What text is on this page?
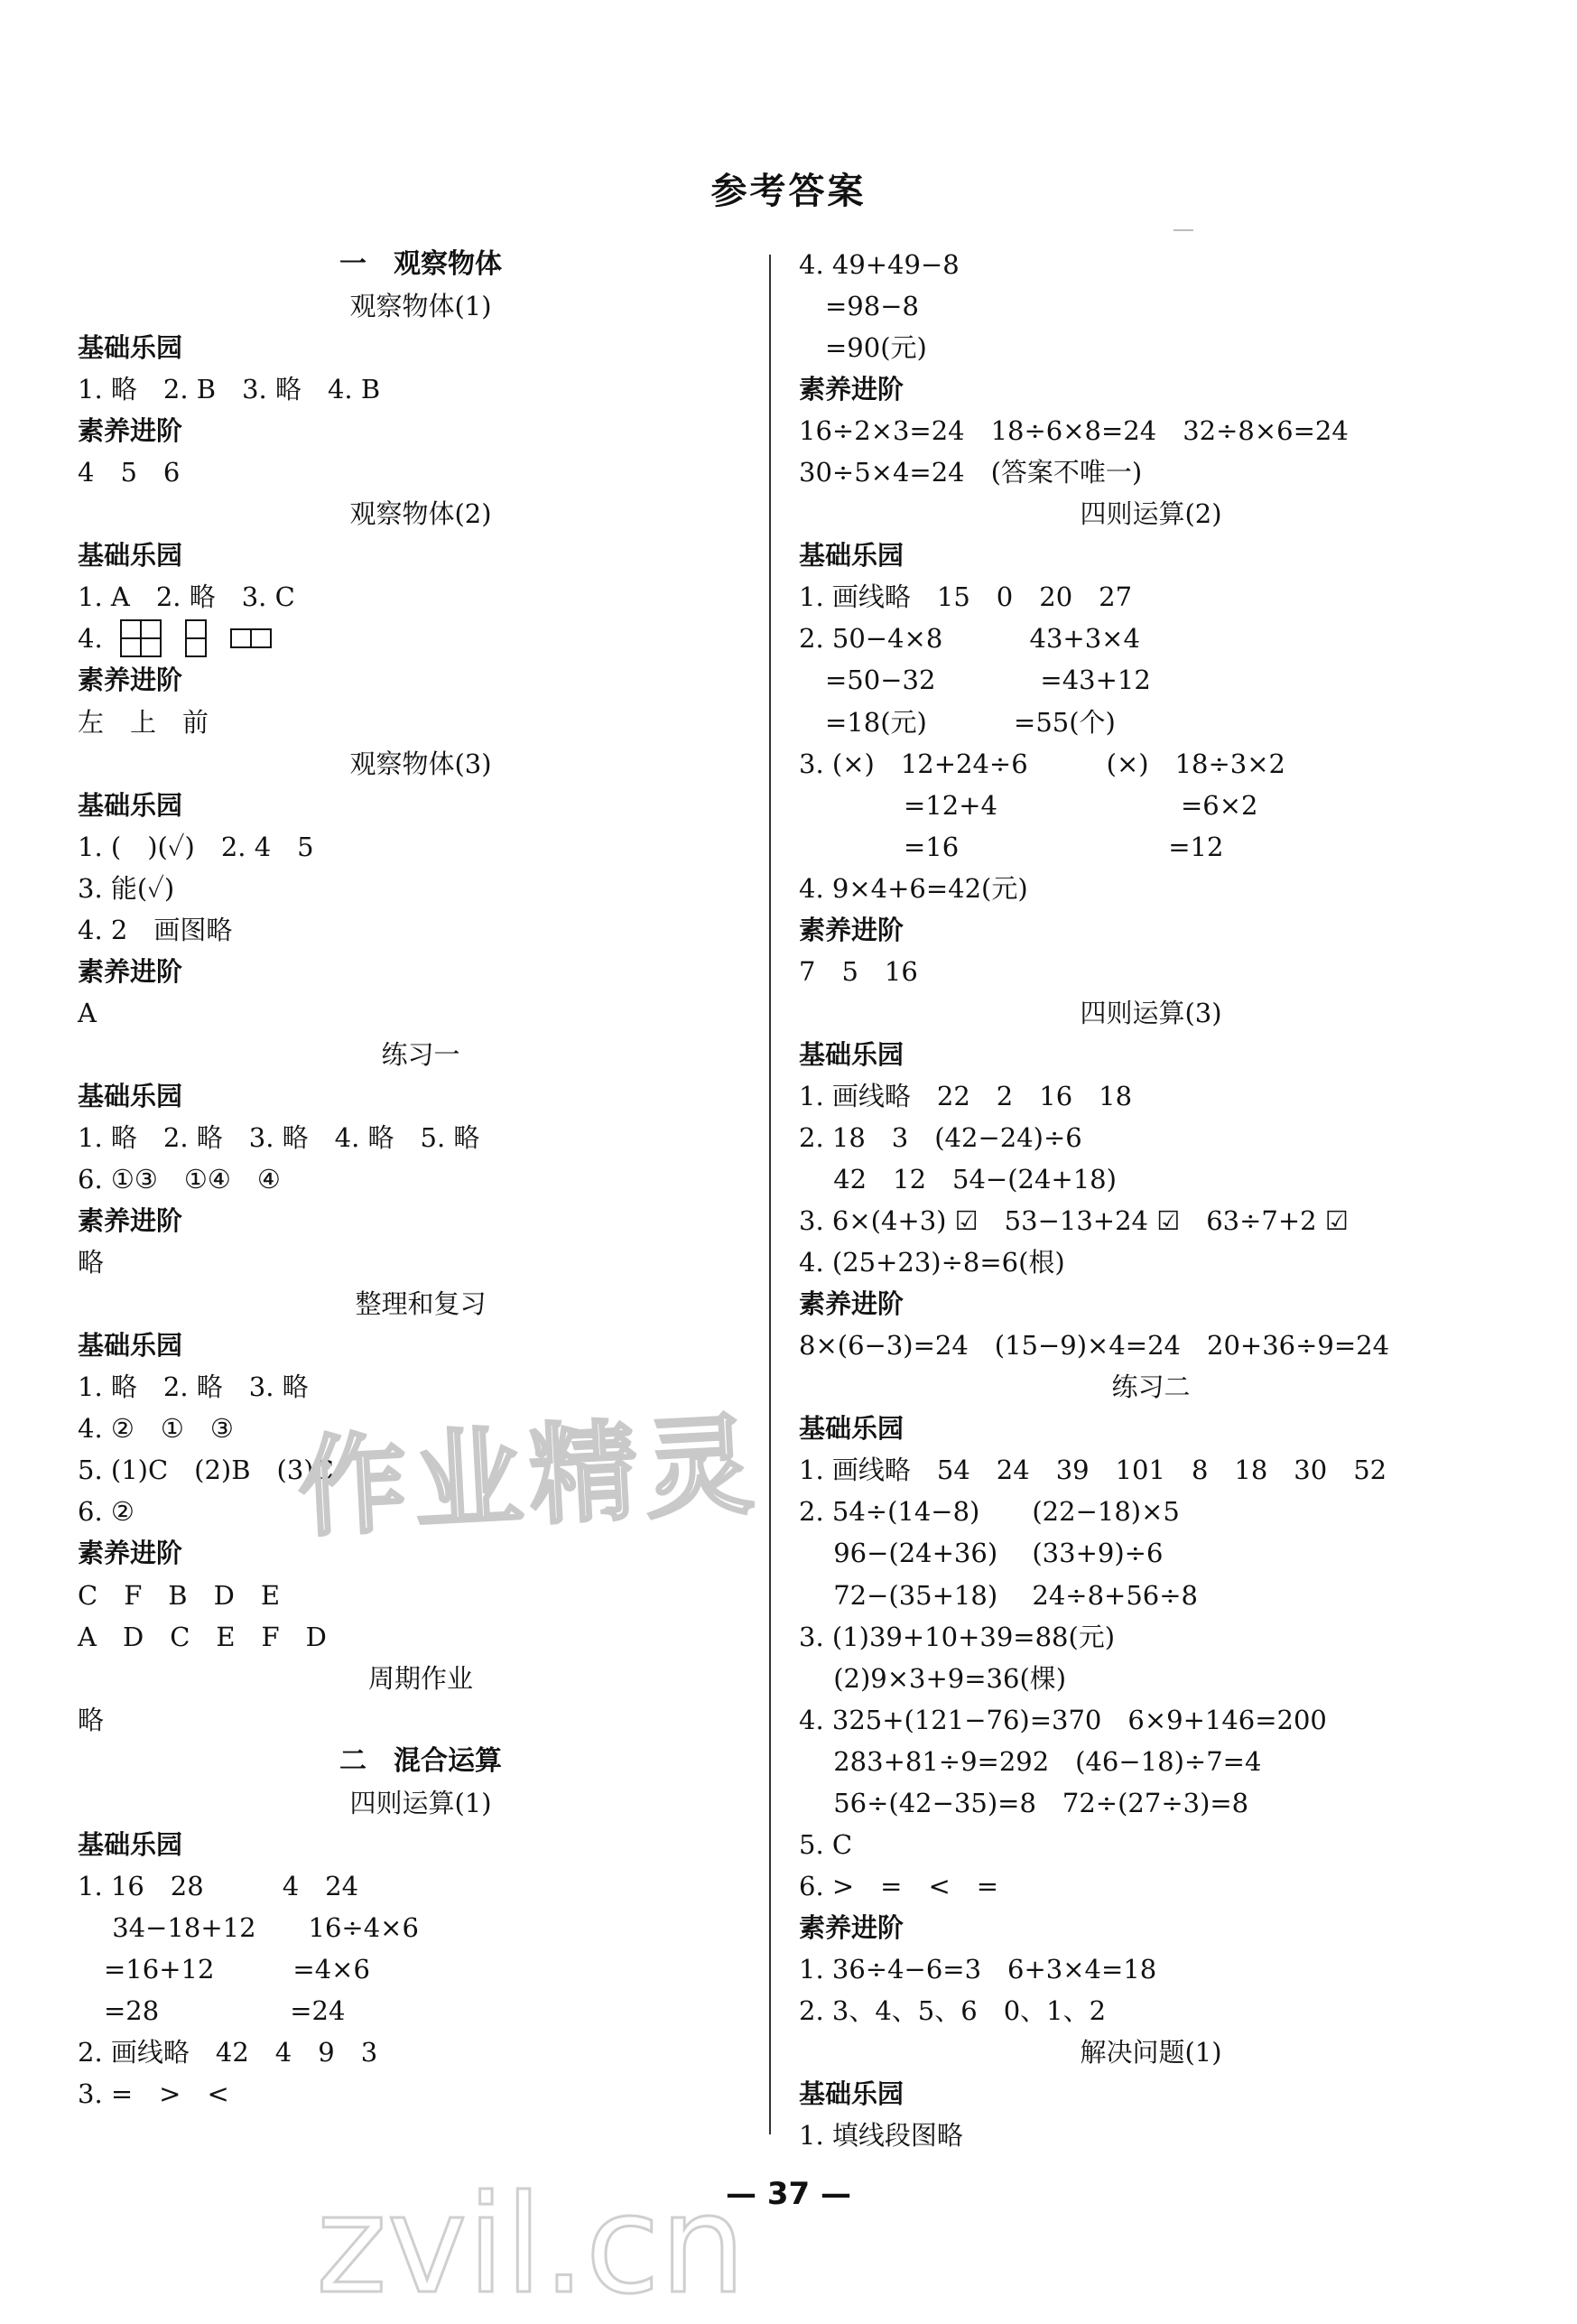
参考答案
一　观察物体
观察物体(1)
基础乐园
1. 略　2. B　3. 略　4. B
素养进阶
4　5　6
观察物体(2)
基础乐园
1. A　2. 略　3. C
4.
素养进阶
左　上　前
观察物体(3)
基础乐园
1. (　)(✓)　2. 4　5
3. 能(✓)
4. 2　画图略
素养进阶
A
练习一
基础乐园
1. 略　2. 略　3. 略　4. 略　5. 略
6. ①③　①④　④
素养进阶
略
整理和复习
基础乐园
1. 略　2. 略　3. 略
4. ②　①　③
5. (1)C　(2)B　(3)C
6. ②
素养进阶
C　F　B　D　E
A　D　C　E　F　D
周期作业
略
二　混合运算
四则运算(1)
基础乐园
1. 16　28　　　4　24
　 34−18+12　　16÷4×6
　=16+12　　　=4×6
　=28　　　　　=24
2. 画线略　42　4　9　3
3. =　>　<
4. 49+49−8
　=98−8
　=90(元)
素养进阶
16÷2×3=24　18÷6×8=24　32÷8×6=24
30÷5×4=24　(答案不唯一)
四则运算(2)
基础乐园
1. 画线略　15　0　20　27
2. 50−4×8　　　 43+3×4
　=50−32　　　　=43+12
　=18(元)　　　 =55(个)
3. (×)　12+24÷6　　　(×)　18÷3×2
　　　　=12+4　　　　　　　=6×2
　　　　=16　　　　　　　　=12
4. 9×4+6=42(元)
素养进阶
7　5　16
四则运算(3)
基础乐园
1. 画线略　22　2　16　18
2. 18　3　(42−24)÷6
　 42　12　54−(24+18)
3. 6×(4+3) ☑　53−13+24 ☑　63÷7+2 ☑
4. (25+23)÷8=6(根)
素养进阶
8×(6−3)=24　(15−9)×4=24　20+36÷9=24
练习二
基础乐园
1. 画线略　54　24　39　101　8　18　30　52
2. 54÷(14−8)　　(22−18)×5
　 96−(24+36)　 (33+9)÷6
　 72−(35+18)　 24÷8+56÷8
3. (1)39+10+39=88(元)
　 (2)9×3+9=36(棵)
4. 325+(121−76)=370　6×9+146=200
　 283+81÷9=292　(46−18)÷7=4
　 56÷(42−35)=8　72÷(27÷3)=8
5. C
6. >　=　<　=
素养进阶
1. 36÷4−6=3　6+3×4=18
2. 3、4、5、6　0、1、2
解决问题(1)
基础乐园
1. 填线段图略
作业精灵
zvil.cn
— 37 —
